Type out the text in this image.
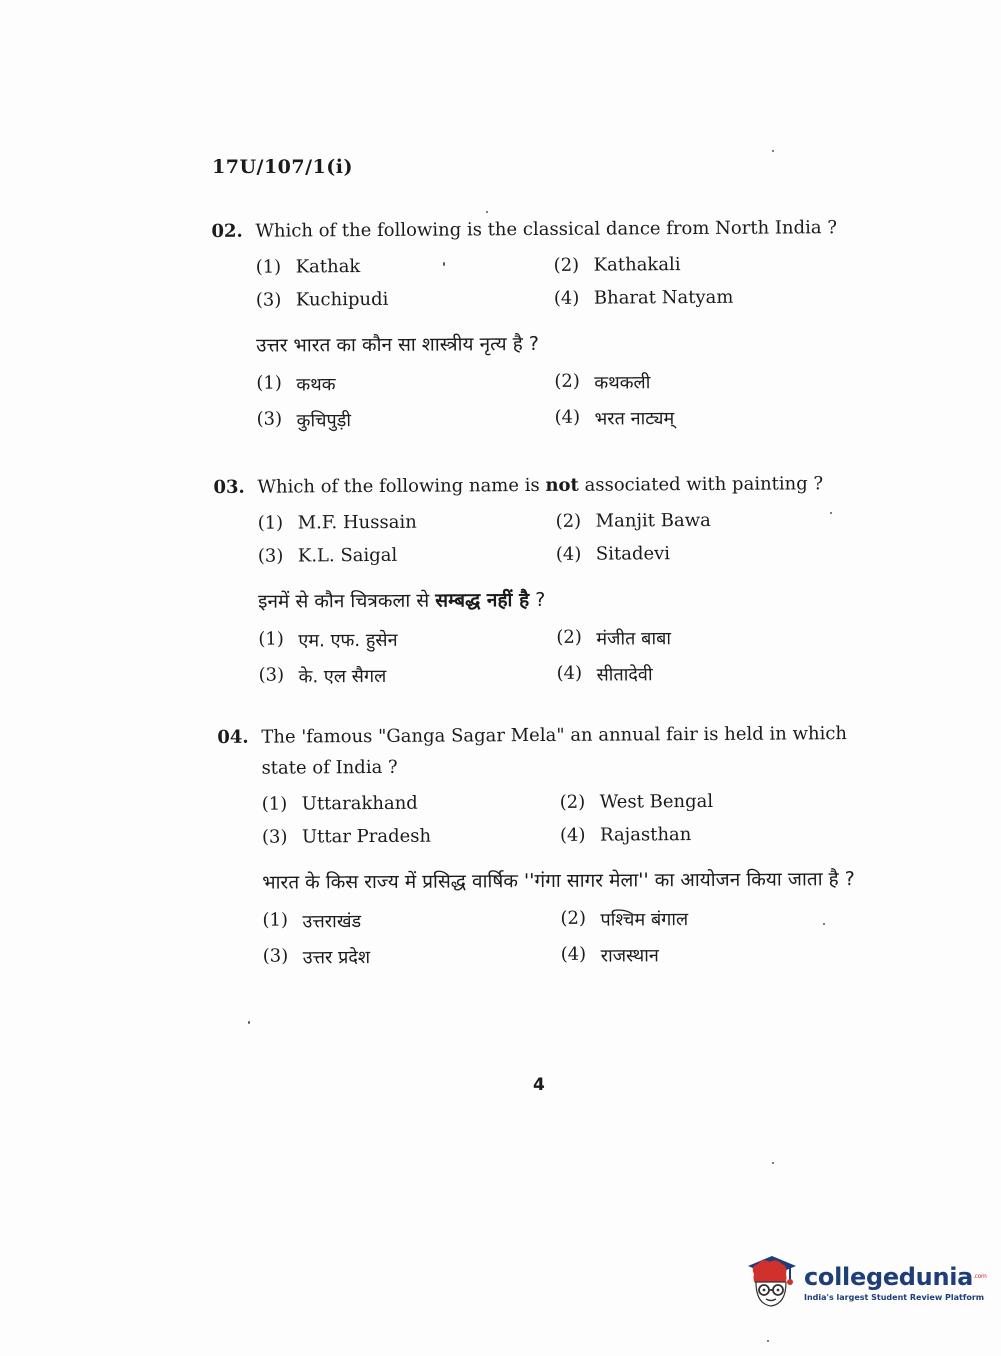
17U/107/1(i)
02. Which of the following is the classical dance from North India ?
(1) Kathak	(2) Kathakali
(3) Kuchipudi	(4) Bharat Natyam
उत्तर भारत का कौन सा शास्त्रीय नृत्य है ?
(1) कथक	(2) कथकली
(3) कुचिपुड़ी	(4) भरत नाट्यम्
03. Which of the following name is not associated with painting ?
(1) M.F. Hussain	(2) Manjit Bawa
(3) K.L. Saigal	(4) Sitadevi
इनमें से कौन चित्रकला से सम्बद्ध नहीं है ?
(1) एम. एफ. हुसेन	(2) मंजीत बाबा
(3) के. एल सैगल	(4) सीतादेवी
04. The 'famous "Ganga Sagar Mela" an annual fair is held in which state of India ?
(1) Uttarakhand	(2) West Bengal
(3) Uttar Pradesh	(4) Rajasthan
भारत के किस राज्य में प्रसिद्ध वार्षिक ''गंगा सागर मेला'' का आयोजन किया जाता है ?
(1) उत्तराखंड	(2) पश्चिम बंगाल
(3) उत्तर प्रदेश	(4) राजस्थान
4
collegedunia$^{.com}$
India's largest Student Review Platform
